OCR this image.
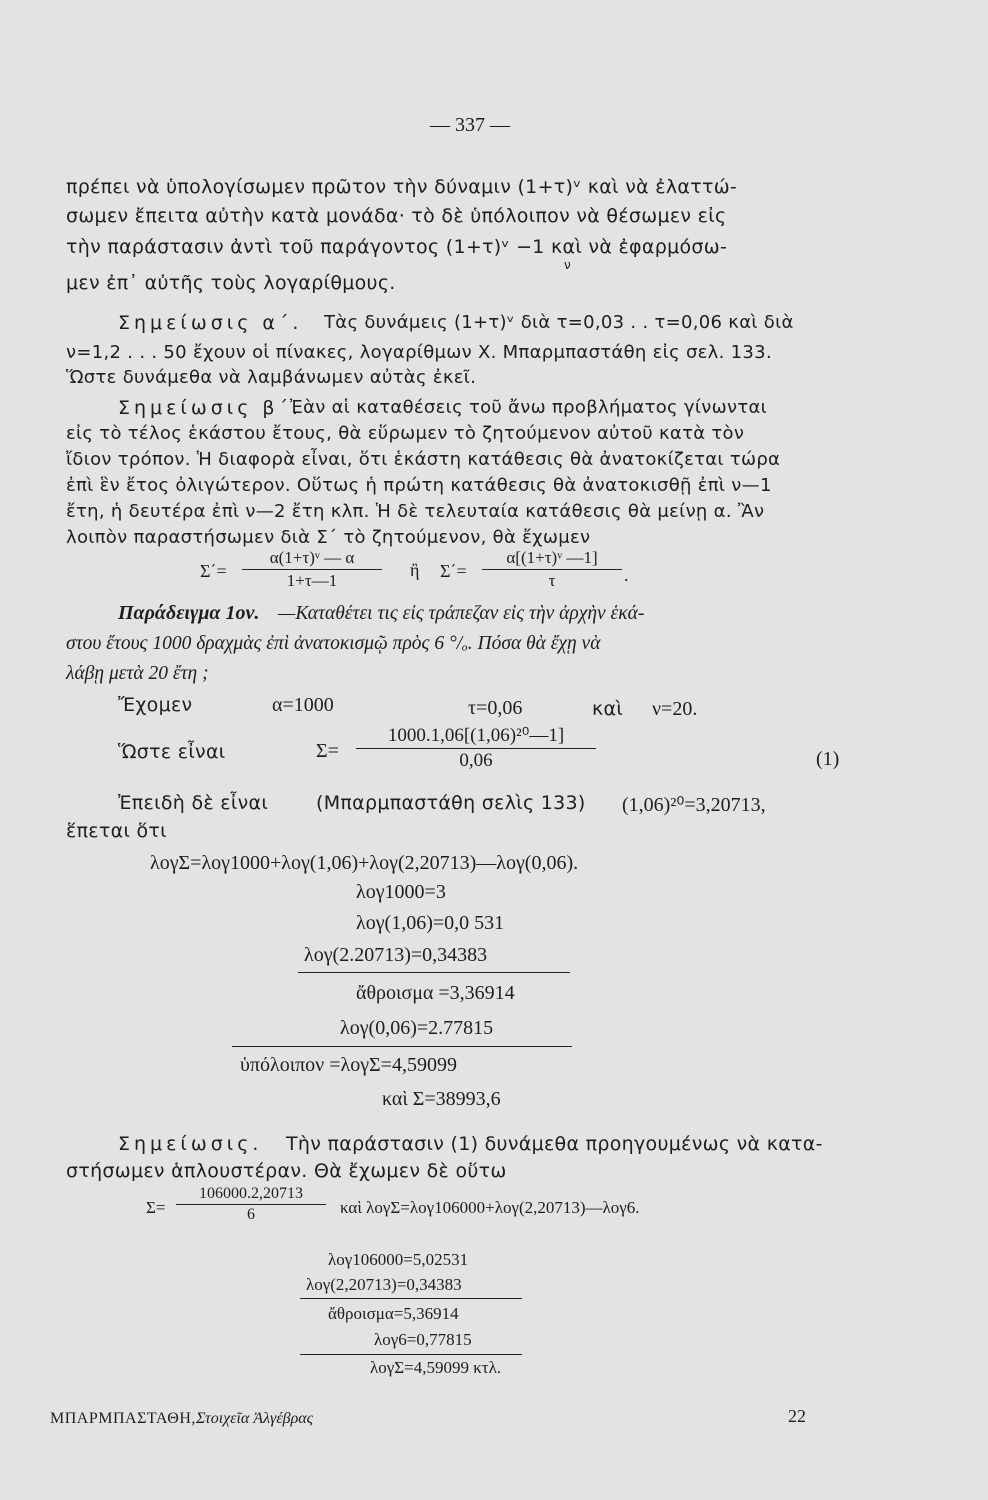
— 337 —
πρέπει νὰ ὑπολογίσωμεν πρῶτον τὴν δύναμιν (1+τ)ᵛ καὶ νὰ ἐλαττώ-
σωμεν ἔπειτα αὐτὴν κατὰ μονάδα· τὸ δὲ ὑπόλοιπον νὰ θέσωμεν εἰς
τὴν παράστασιν ἀντὶ τοῦ παράγοντος (1+τ)ᵛ −1 καὶ νὰ ἐφαρμόσω-
ν
μεν ἐπ᾿ αὐτῆς τοὺς λογαρίθμους.
Σημείωσις α΄. Τὰς δυνάμεις (1+τ)ᵛ διὰ τ=0,03 . . τ=0,06 καὶ διὰ
ν=1,2 . . . 50 ἔχουν οἱ πίνακες, λογαρίθμων Χ. Μπαρμπαστάθη εἰς σελ. 133.
Ὥστε δυνάμεθα νὰ λαμβάνωμεν αὐτὰς ἐκεῖ.
Σημείωσις β΄.
Ἐὰν αἱ καταθέσεις τοῦ ἄνω προβλήματος γίνωνται
εἰς τὸ τέλος ἑκάστου ἔτους, θὰ εὕρωμεν τὸ ζητούμενον αὐτοῦ κατὰ τὸν
ἴδιον τρόπον. Ἡ διαφορὰ εἶναι, ὅτι ἑκάστη κατάθεσις θὰ ἀνατοκίζεται τώρα
ἐπὶ ἓν ἔτος ὀλιγώτερον. Οὕτως ἡ πρώτη κατάθεσις θὰ ἀνατοκισθῇ ἐπὶ ν—1
ἔτη, ἡ δευτέρα ἐπὶ ν—2 ἔτη κλπ. Ἡ δὲ τελευταία κατάθεσις θὰ μείνῃ α. Ἂν
λοιπὸν παραστήσωμεν διὰ Σ΄ τὸ ζητούμενον, θὰ ἔχωμεν
$\Sigma΄= \frac{\text{α(1+τ)ᵛ — α}}{1+\tau—1}$ ἢ $\Sigma΄= \frac{\text{α[(1+τ)ᵛ —1]}}{\tau}$ .
Παράδειγμα 1ον. —Καταθέτει τις εἰς τράπεζαν εἰς τὴν ἀρχὴν ἑκά-
στου ἔτους 1000 δραχμὰς ἐπὶ ἀνατοκισμῷ πρὸς 6 °/ₒ. Πόσα θὰ ἔχῃ νὰ
λάβῃ μετὰ 20 ἔτη ;
Ἔχομεν	α=1000	τ=0,06	καὶ ν=20.
Ὥστε εἶναι	$\Sigma= \frac{\text{1000.1,06[(1,06)²⁰—1]}}{0,06}$	(1)
Ἐπειδὴ δὲ εἶναι	(Μπαρμπαστάθη σελὶς 133) (1,06)²⁰=3,20713,
ἕπεται ὅτι
λογΣ=λογ1000+λογ(1,06)+λογ(2,20713)—λογ(0,06).
λογ1000=3
λογ(1,06)=0,0 531
λογ(2.20713)=0,34383
ἄθροισμα =3,36914
λογ(0,06)=2.77815
ὑπόλοιπον =λογΣ=4,59099
καὶ Σ=38993,6
Σημείωσις. Τὴν παράστασιν (1) δυνάμεθα προηγουμένως νὰ κατα-
στήσωμεν ἁπλουστέραν. Θὰ ἔχωμεν δὲ οὕτω
$\Sigma= \frac{106000.2,20713}{6}$ καὶ λογΣ=λογ106000+λογ(2,20713)—λογ6.
λογ106000=5,02531
λογ(2,20713)=0,34383
ἄθροισμα=5,36914
λογ6=0,77815
λογΣ=4,59099 κτλ.
ΜΠΑΡΜΠΑΣΤΑΘΗ, Στοιχεῖα Ἀλγέβρας	22
